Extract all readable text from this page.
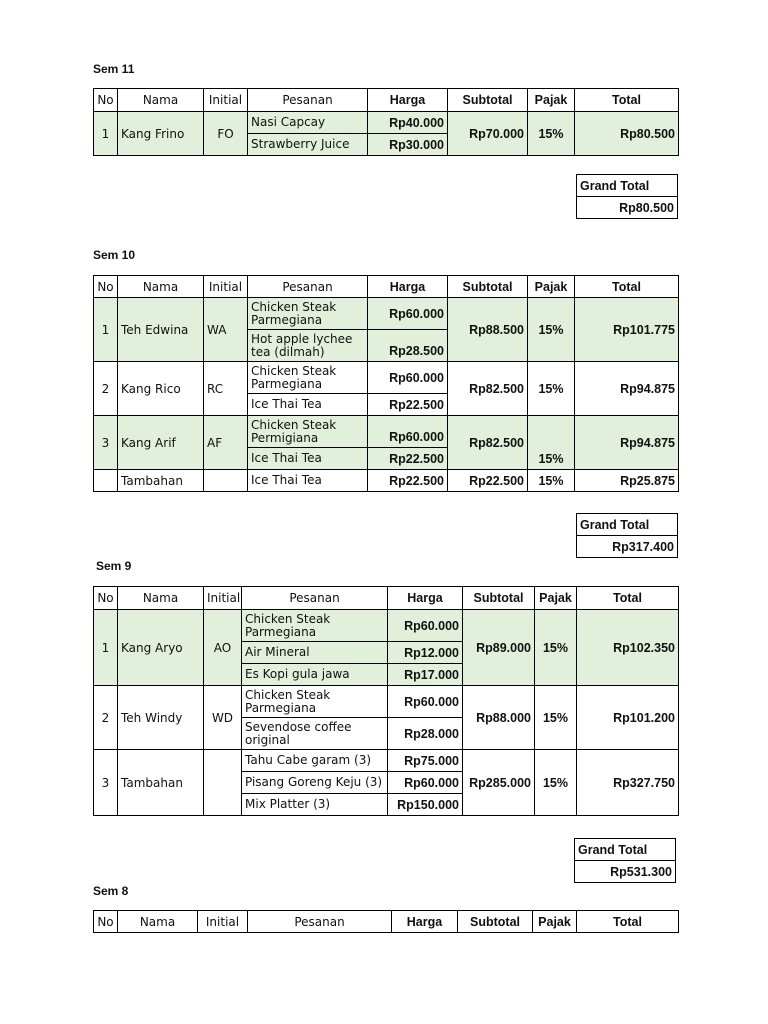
Sem 11
No	Nama	Initial	Pesanan	Harga	Subtotal	Pajak	Total
1	Kang Frino	FO	Nasi Capcay	Rp40.000	Rp70.000	15%	Rp80.500
			Strawberry Juice	Rp30.000			
Grand Total
Rp80.500
Sem 10
No	Nama	Initial	Pesanan	Harga	Subtotal	Pajak	Total
1	Teh Edwina	WA	Chicken Steak Parmegiana	Rp60.000	Rp88.500	15%	Rp101.775
			Hot apple lychee tea (dilmah)	Rp28.500			
2	Kang Rico	RC	Chicken Steak Parmegiana	Rp60.000	Rp82.500	15%	Rp94.875
			Ice Thai Tea	Rp22.500			
3	Kang Arif	AF	Chicken Steak Permigiana	Rp60.000	Rp82.500	15%	Rp94.875
			Ice Thai Tea	Rp22.500			
	Tambahan		Ice Thai Tea	Rp22.500	Rp22.500	15%	Rp25.875
Grand Total
Rp317.400
Sem 9
No	Nama	Initial	Pesanan	Harga	Subtotal	Pajak	Total
1	Kang Aryo	AO	Chicken Steak Parmegiana	Rp60.000	Rp89.000	15%	Rp102.350
			Air Mineral	Rp12.000			
			Es Kopi gula jawa	Rp17.000			
2	Teh Windy	WD	Chicken Steak Parmegiana	Rp60.000	Rp88.000	15%	Rp101.200
			Sevendose coffee original	Rp28.000			
3	Tambahan		Tahu Cabe garam (3)	Rp75.000	Rp285.000	15%	Rp327.750
			Pisang Goreng Keju (3)	Rp60.000			
			Mix Platter (3)	Rp150.000			
Grand Total
Rp531.300
Sem 8
No	Nama	Initial	Pesanan	Harga	Subtotal	Pajak	Total
